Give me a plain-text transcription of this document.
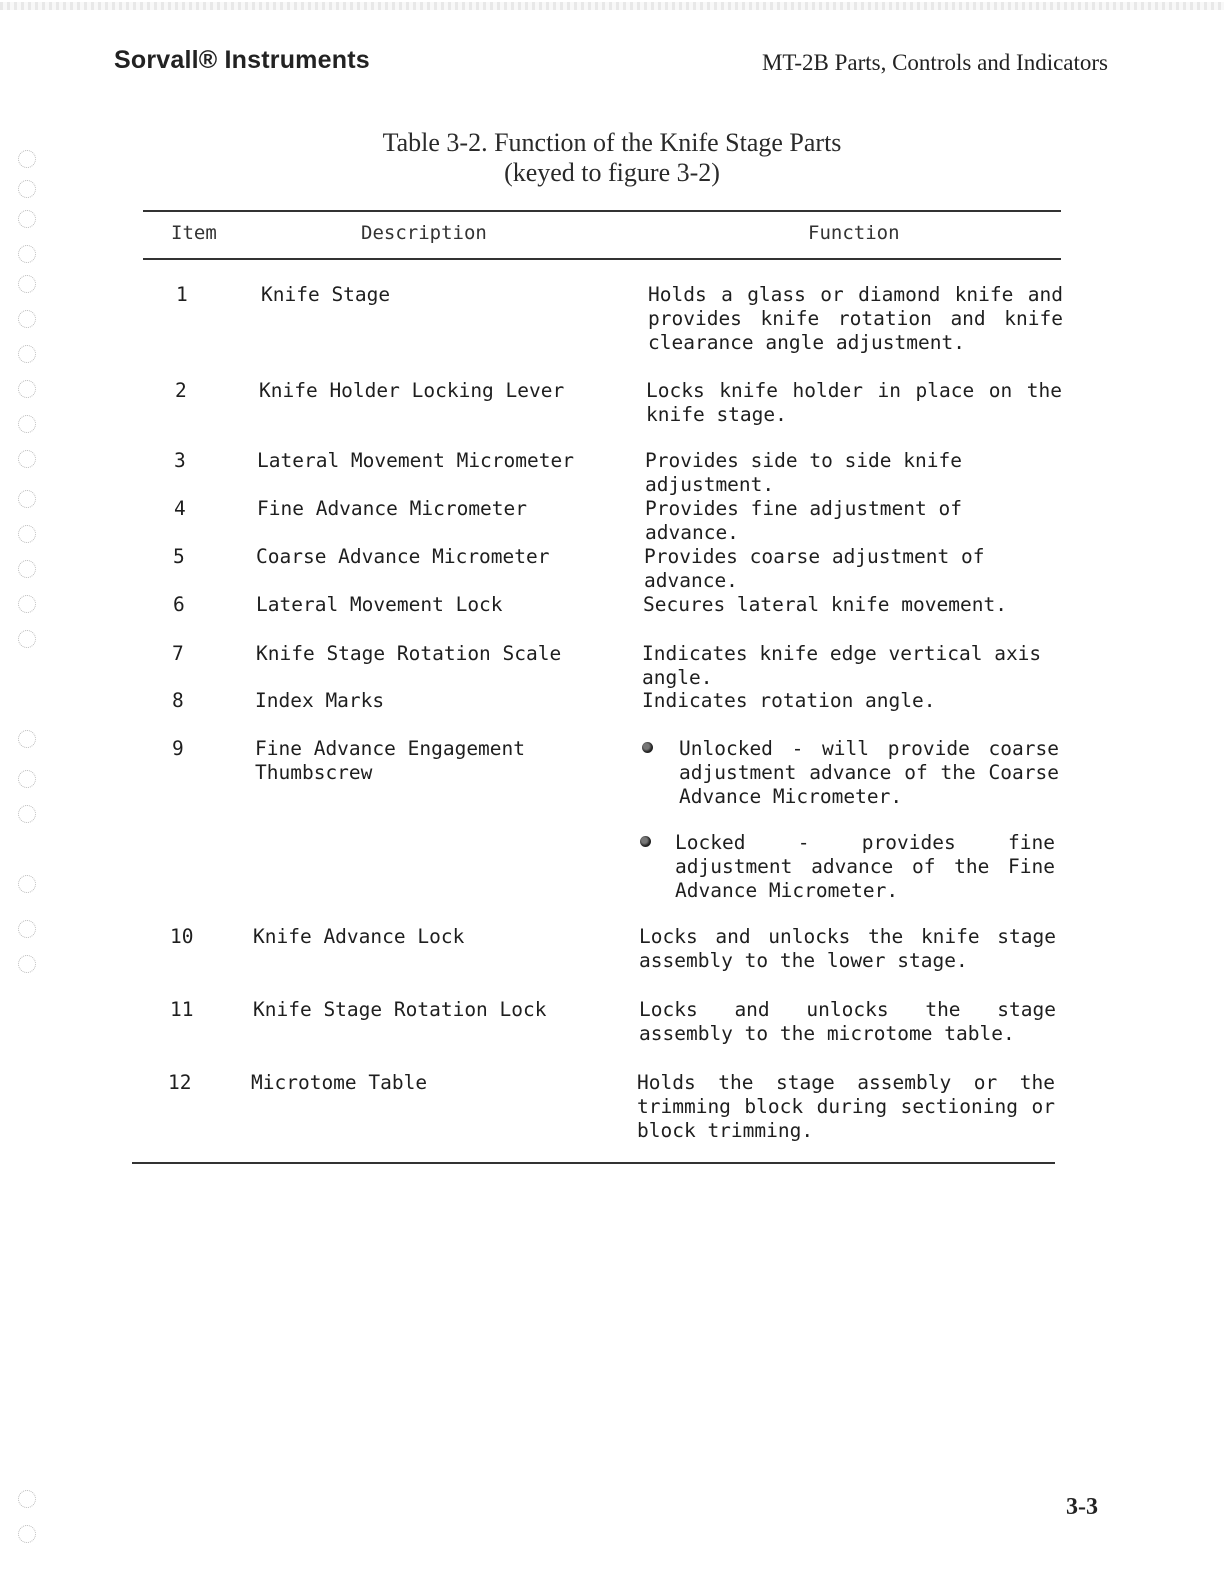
Sorvall® Instruments	MT-2B Parts, Controls and Indicators
Table 3-2. Function of the Knife Stage Parts
(keyed to figure 3-2)
Item	Description	Function
1	Knife Stage	Holds a glass or diamond knife and provides knife rotation and knife clearance angle adjustment.
2	Knife Holder Locking Lever	Locks knife holder in place on the knife stage.
3	Lateral Movement Micrometer	Provides side to side knife adjustment.
4	Fine Advance Micrometer	Provides fine adjustment of advance.
5	Coarse Advance Micrometer	Provides coarse adjustment of advance.
6	Lateral Movement Lock	Secures lateral knife movement.
7	Knife Stage Rotation Scale	Indicates knife edge vertical axis angle.
8	Index Marks	Indicates rotation angle.
9	Fine Advance Engagement Thumbscrew
Unlocked - will provide coarse adjustment advance of the Coarse Advance Micrometer.
Locked - provides fine adjustment advance of the Fine Advance Micrometer.
10	Knife Advance Lock	Locks and unlocks the knife stage assembly to the lower stage.
11	Knife Stage Rotation Lock	Locks and unlocks the stage assembly to the microtome table.
12	Microtome Table	Holds the stage assembly or the trimming block during sectioning or block trimming.
3-3
